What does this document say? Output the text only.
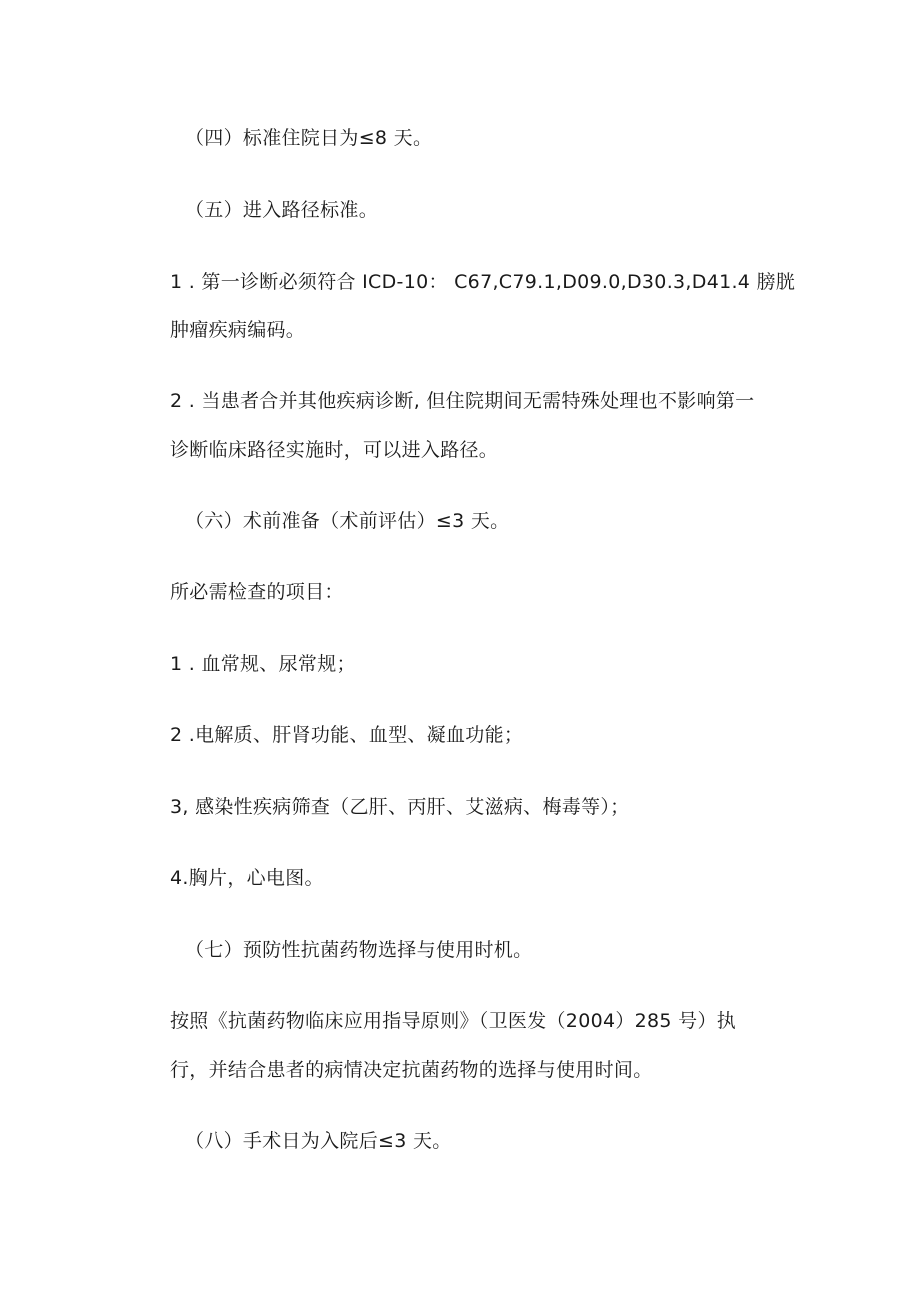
（四）标准住院日为≤8 天。
（五）进入路径标准。
1 . 第一诊断必须符合 ICD-10： C67,C79.1,D09.0,D30.3,D41.4 膀胱
肿瘤疾病编码。
2 . 当患者合并其他疾病诊断, 但住院期间无需特殊处理也不影响第一
诊断临床路径实施时，可以进入路径。
（六）术前准备（术前评估）≤3 天。
所必需检查的项目：
1 . 血常规、尿常规；
2 .电解质、肝肾功能、血型、凝血功能；
3, 感染性疾病筛查（乙肝、丙肝、艾滋病、梅毒等）；
4.胸片，心电图。
（七）预防性抗菌药物选择与使用时机。
按照《抗菌药物临床应用指导原则》（卫医发（2004）285 号）执
行，并结合患者的病情决定抗菌药物的选择与使用时间。
（八）手术日为入院后≤3 天。
